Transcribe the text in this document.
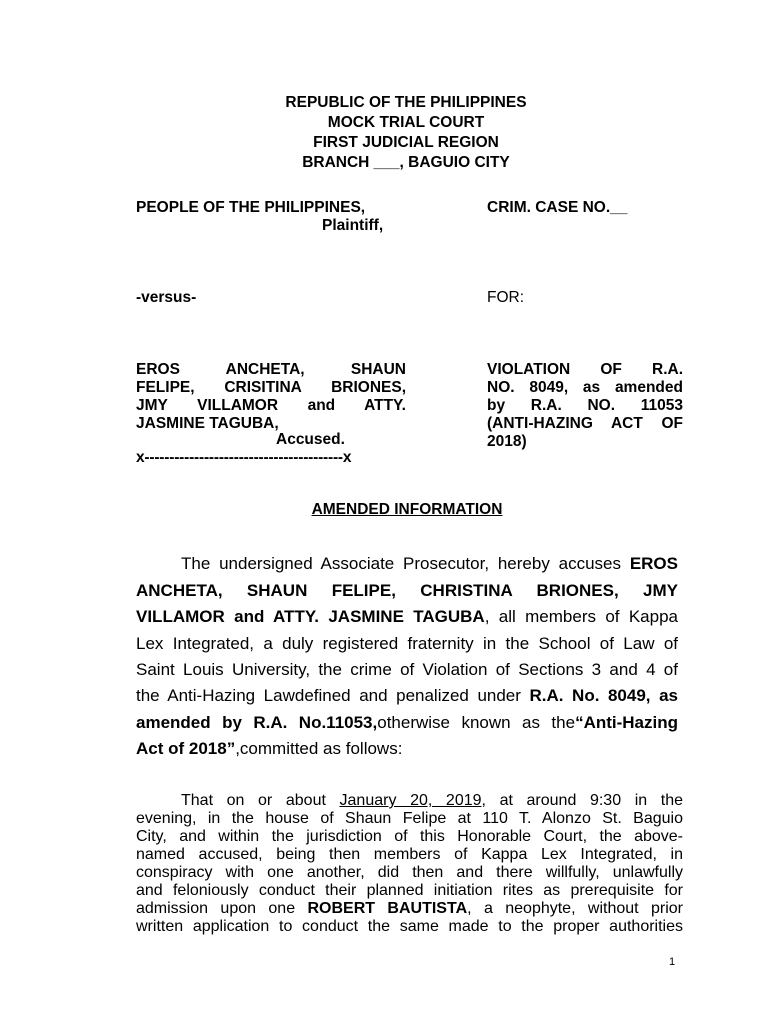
REPUBLIC OF THE PHILIPPINES
MOCK TRIAL COURT
FIRST JUDICIAL REGION
BRANCH ___, BAGUIO CITY
PEOPLE OF THE PHILIPPINES,
Plaintiff,
-versus-
EROS ANCHETA, SHAUN
FELIPE, CRISITINA BRIONES,
JMY VILLAMOR and ATTY.
JASMINE TAGUBA,
Accused.
x----------------------------------------x
CRIM. CASE NO.__
FOR:
VIOLATION OF R.A.
NO. 8049, as amended
by R.A. NO. 11053
(ANTI-HAZING ACT OF
2018)
AMENDED INFORMATION
The undersigned Associate Prosecutor, hereby accuses EROS
ANCHETA, SHAUN FELIPE, CHRISTINA BRIONES, JMY
VILLAMOR and ATTY. JASMINE TAGUBA, all members of Kappa
Lex Integrated, a duly registered fraternity in the School of Law of
Saint Louis University, the crime of Violation of Sections 3 and 4 of
the Anti-Hazing Lawdefined and penalized under R.A. No. 8049, as
amended by R.A. No.11053,otherwise known as the“Anti-Hazing
Act of 2018”,committed as follows:
That on or about January 20, 2019, at around 9:30 in the
evening, in the house of Shaun Felipe at 110 T. Alonzo St. Baguio
City, and within the jurisdiction of this Honorable Court, the above-
named accused, being then members of Kappa Lex Integrated, in
conspiracy with one another, did then and there willfully, unlawfully
and feloniously conduct their planned initiation rites as prerequisite for
admission upon one ROBERT BAUTISTA, a neophyte, without prior
written application to conduct the same made to the proper authorities
1
